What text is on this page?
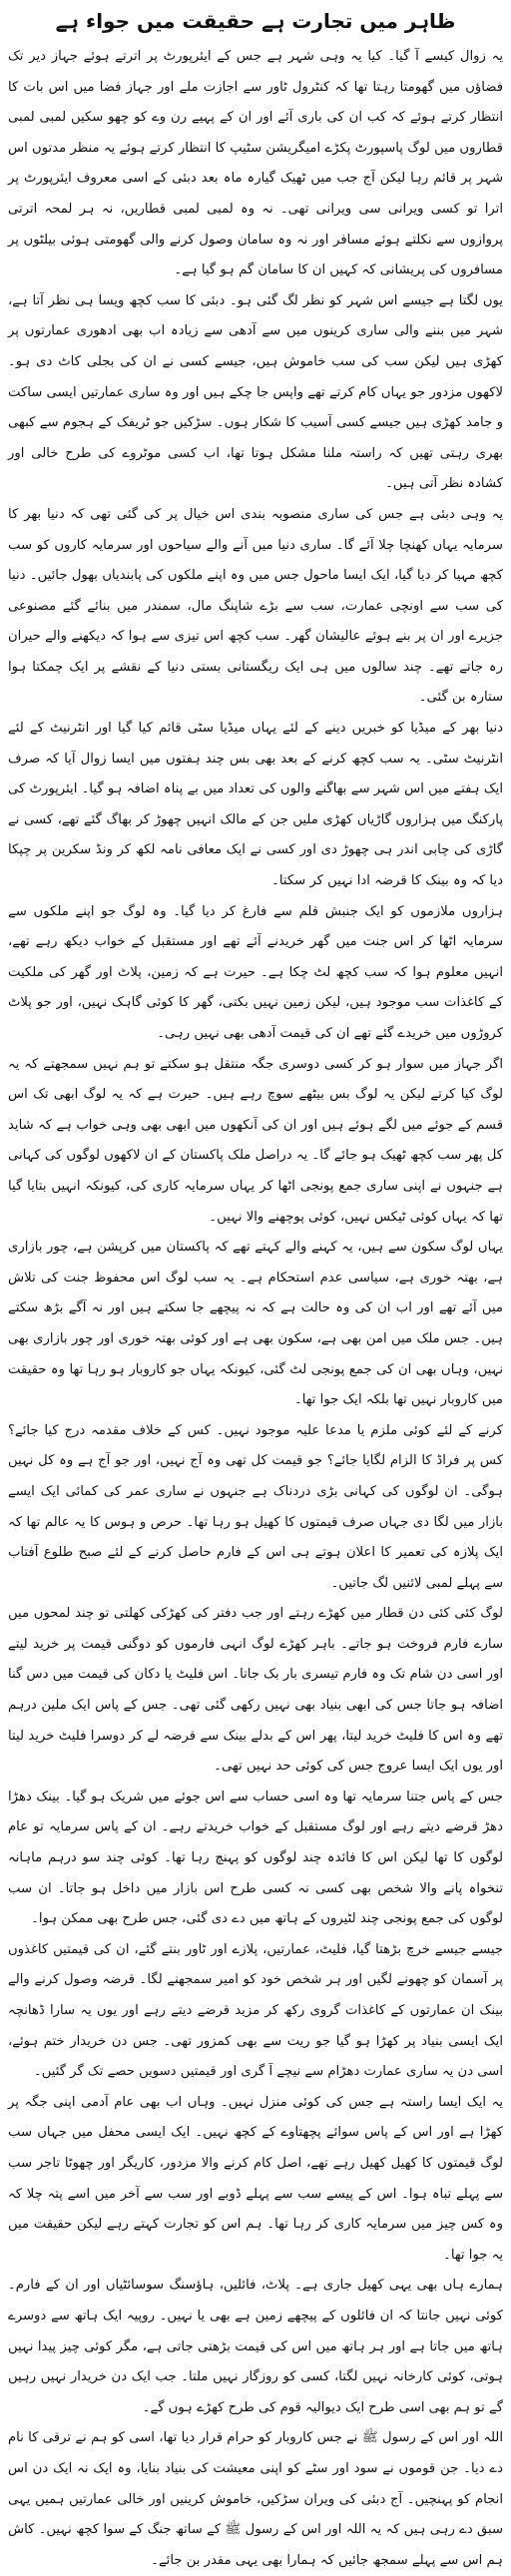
ظاہر میں تجارت ہے حقیقت میں جواء ہے

یہ زوال کیسے آ گیا۔ کیا یہ وہی شہر ہے جس کے ایئرپورٹ پر اترتے ہوئے جہاز دیر تک فضاؤں میں گھومتا رہتا تھا کہ کنٹرول ٹاور سے اجازت ملے اور جہاز فضا میں اس بات کا انتظار کرتے ہوئے کہ کب ان کی باری آئے اور ان کے پہیے رن وے کو چھو سکیں لمبی لمبی قطاروں میں لوگ پاسپورٹ پکڑے امیگریشن سٹیپ کا انتظار کرتے ہوئے یہ منظر مدتوں اس شہر پر قائم رہا لیکن آج جب میں ٹھیک گیارہ ماہ بعد دبئی کے اسی معروف ایئرپورٹ پر اترا تو کسی ویرانی سی ویرانی تھی۔ نہ وہ لمبی لمبی قطاریں، نہ ہر لمحہ اترتی پروازوں سے نکلتے ہوئے مسافر اور نہ وہ سامان وصول کرنے والی گھومتی ہوئی بیلٹوں پر مسافروں کی پریشانی کہ کہیں ان کا سامان گم ہو گیا ہے۔

یوں لگتا ہے جیسے اس شہر کو نظر لگ گئی ہو۔ دبئی کا سب کچھ ویسا ہی نظر آتا ہے، شہر میں بننے والی ساری کرینوں میں سے آدھی سے زیادہ اب بھی ادھوری عمارتوں پر کھڑی ہیں لیکن سب کی سب خاموش ہیں، جیسے کسی نے ان کی بجلی کاٹ دی ہو۔ لاکھوں مزدور جو یہاں کام کرتے تھے واپس جا چکے ہیں اور وہ ساری عمارتیں ایسی ساکت و جامد کھڑی ہیں جیسے کسی آسیب کا شکار ہوں۔ سڑکیں جو ٹریفک کے ہجوم سے کبھی بھری رہتی تھیں کہ راستہ ملنا مشکل ہوتا تھا، اب کسی موٹروے کی طرح خالی اور کشادہ نظر آتی ہیں۔

یہ وہی دبئی ہے جس کی ساری منصوبہ بندی اس خیال پر کی گئی تھی کہ دنیا بھر کا سرمایہ یہاں کھنچا چلا آئے گا۔ ساری دنیا میں آنے والے سیاحوں اور سرمایہ کاروں کو سب کچھ مہیا کر دیا گیا، ایک ایسا ماحول جس میں وہ اپنے ملکوں کی پابندیاں بھول جائیں۔ دنیا کی سب سے اونچی عمارت، سب سے بڑے شاپنگ مال، سمندر میں بنائے گئے مصنوعی جزیرے اور ان پر بنے ہوئے عالیشان گھر۔ سب کچھ اس تیزی سے ہوا کہ دیکھنے والے حیران رہ جاتے تھے۔ چند سالوں میں ہی ایک ریگستانی بستی دنیا کے نقشے پر ایک چمکتا ہوا ستارہ بن گئی۔

دنیا بھر کے میڈیا کو خبریں دینے کے لئے یہاں میڈیا سٹی قائم کیا گیا اور انٹرنیٹ کے لئے انٹرنیٹ سٹی۔ یہ سب کچھ کرنے کے بعد بھی بس چند ہفتوں میں ایسا زوال آیا کہ صرف ایک ہفتے میں اس شہر سے بھاگنے والوں کی تعداد میں بے پناہ اضافہ ہو گیا۔ ایئرپورٹ کی پارکنگ میں ہزاروں گاڑیاں کھڑی ملیں جن کے مالک انہیں چھوڑ کر بھاگ گئے تھے، کسی نے گاڑی کی چابی اندر ہی چھوڑ دی اور کسی نے ایک معافی نامہ لکھ کر ونڈ سکرین پر چپکا دیا کہ وہ بینک کا قرضہ ادا نہیں کر سکتا۔

ہزاروں ملازموں کو ایک جنبش قلم سے فارغ کر دیا گیا۔ وہ لوگ جو اپنے ملکوں سے سرمایہ اٹھا کر اس جنت میں گھر خریدنے آئے تھے اور مستقبل کے خواب دیکھ رہے تھے، انہیں معلوم ہوا کہ سب کچھ لٹ چکا ہے۔ حیرت ہے کہ زمین، پلاٹ اور گھر کی ملکیت کے کاغذات سب موجود ہیں، لیکن زمین نہیں بکتی، گھر کا کوئی گاہک نہیں، اور جو پلاٹ کروڑوں میں خریدے گئے تھے ان کی قیمت آدھی بھی نہیں رہی۔

اگر جہاز میں سوار ہو کر کسی دوسری جگہ منتقل ہو سکتے تو ہم نہیں سمجھتے کہ یہ لوگ کیا کرتے لیکن یہ لوگ بس بیٹھے سوچ رہے ہیں۔ حیرت ہے کہ یہ لوگ ابھی تک اس قسم کے جوئے میں لگے ہوئے ہیں اور ان کی آنکھوں میں ابھی بھی وہی خواب ہے کہ شاید کل پھر سب کچھ ٹھیک ہو جائے گا۔ یہ دراصل ملک پاکستان کے ان لاکھوں لوگوں کی کہانی ہے جنہوں نے اپنی ساری جمع پونجی اٹھا کر یہاں سرمایہ کاری کی، کیونکہ انہیں بتایا گیا تھا کہ یہاں کوئی ٹیکس نہیں، کوئی پوچھنے والا نہیں۔

یہاں لوگ سکون سے ہیں، یہ کہنے والے کہتے تھے کہ پاکستان میں کرپشن ہے، چور بازاری ہے، بھتہ خوری ہے، سیاسی عدم استحکام ہے۔ یہ سب لوگ اس محفوظ جنت کی تلاش میں آئے تھے اور اب ان کی وہ حالت ہے کہ نہ پیچھے جا سکتے ہیں اور نہ آگے بڑھ سکتے ہیں۔ جس ملک میں امن بھی ہے، سکون بھی ہے اور کوئی بھتہ خوری اور چور بازاری بھی نہیں، وہاں بھی ان کی جمع پونجی لٹ گئی، کیونکہ یہاں جو کاروبار ہو رہا تھا وہ حقیقت میں کاروبار نہیں تھا بلکہ ایک جوا تھا۔

کرنے کے لئے کوئی ملزم یا مدعا علیہ موجود نہیں۔ کس کے خلاف مقدمہ درج کیا جائے؟ کس پر فراڈ کا الزام لگایا جائے؟ جو قیمت کل تھی وہ آج نہیں، اور جو آج ہے وہ کل نہیں ہوگی۔ ان لوگوں کی کہانی بڑی دردناک ہے جنہوں نے ساری عمر کی کمائی ایک ایسے بازار میں لگا دی جہاں صرف قیمتوں کا کھیل ہو رہا تھا۔ حرص و ہوس کا یہ عالم تھا کہ ایک پلازہ کی تعمیر کا اعلان ہوتے ہی اس کے فارم حاصل کرنے کے لئے صبح طلوع آفتاب سے پہلے لمبی لائنیں لگ جاتیں۔

لوگ کئی کئی دن قطار میں کھڑے رہتے اور جب دفتر کی کھڑکی کھلتی تو چند لمحوں میں سارے فارم فروخت ہو جاتے۔ باہر کھڑے لوگ انہی فارموں کو دوگنی قیمت پر خرید لیتے اور اسی دن شام تک وہ فارم تیسری بار بک جاتا۔ اس فلیٹ یا دکان کی قیمت میں دس گنا اضافہ ہو جاتا جس کی ابھی بنیاد بھی نہیں رکھی گئی تھی۔ جس کے پاس ایک ملین درہم تھے وہ اس کا فلیٹ خرید لیتا، پھر اس کے بدلے بینک سے قرضہ لے کر دوسرا فلیٹ خرید لیتا اور یوں ایک ایسا عروج جس کی کوئی حد نہیں تھی۔

جس کے پاس جتنا سرمایہ تھا وہ اسی حساب سے اس جوئے میں شریک ہو گیا۔ بینک دھڑا دھڑ قرضے دیتے رہے اور لوگ مستقبل کے خواب خریدتے رہے۔ ان کے پاس سرمایہ تو عام لوگوں کا تھا لیکن اس کا فائدہ چند لوگوں کو پہنچ رہا تھا۔ کوئی چند سو درہم ماہانہ تنخواہ پانے والا شخص بھی کسی نہ کسی طرح اس بازار میں داخل ہو جاتا۔ ان سب لوگوں کی جمع پونجی چند لٹیروں کے ہاتھ میں دے دی گئی، جس طرح بھی ممکن ہوا۔

جیسے جیسے خرچ بڑھتا گیا، فلیٹ، عمارتیں، پلازے اور ٹاور بنتے گئے، ان کی قیمتیں کاغذوں پر آسمان کو چھونے لگیں اور ہر شخص خود کو امیر سمجھنے لگا۔ قرضہ وصول کرنے والے بینک ان عمارتوں کے کاغذات گروی رکھ کر مزید قرضے دیتے رہے اور یوں یہ سارا ڈھانچہ ایک ایسی بنیاد پر کھڑا ہو گیا جو ریت سے بھی کمزور تھی۔ جس دن خریدار ختم ہوئے، اسی دن یہ ساری عمارت دھڑام سے نیچے آ گری اور قیمتیں دسویں حصے تک گر گئیں۔

یہ ایک ایسا راستہ ہے جس کی کوئی منزل نہیں۔ وہاں اب بھی عام آدمی اپنی جگہ پر کھڑا ہے اور اس کے پاس سوائے پچھتاوے کے کچھ نہیں۔ ایک ایسی محفل میں جہاں سب لوگ قیمتوں کا کھیل کھیل رہے تھے، اصل کام کرنے والا مزدور، کاریگر اور چھوٹا تاجر سب سے پہلے تباہ ہوا۔ اس کے پیسے سب سے پہلے ڈوبے اور سب سے آخر میں اسے پتہ چلا کہ وہ کس چیز میں سرمایہ کاری کر رہا تھا۔ ہم اس کو تجارت کہتے رہے لیکن حقیقت میں یہ جوا تھا۔

ہمارے ہاں بھی یہی کھیل جاری ہے۔ پلاٹ، فائلیں، ہاؤسنگ سوسائٹیاں اور ان کے فارم۔ کوئی نہیں جانتا کہ ان فائلوں کے پیچھے زمین ہے بھی یا نہیں۔ روپیہ ایک ہاتھ سے دوسرے ہاتھ میں جاتا ہے اور ہر ہاتھ میں اس کی قیمت بڑھتی جاتی ہے، مگر کوئی چیز پیدا نہیں ہوتی، کوئی کارخانہ نہیں لگتا، کسی کو روزگار نہیں ملتا۔ جب ایک دن خریدار نہیں رہیں گے تو ہم بھی اسی طرح ایک دیوالیہ قوم کی طرح کھڑے ہوں گے۔

اللہ اور اس کے رسول ﷺ نے جس کاروبار کو حرام قرار دیا تھا، اسی کو ہم نے ترقی کا نام دے دیا۔ جن قوموں نے سود اور سٹے کو اپنی معیشت کی بنیاد بنایا، وہ ایک نہ ایک دن اس انجام کو پہنچیں۔ آج دبئی کی ویران سڑکیں، خاموش کرینیں اور خالی عمارتیں ہمیں یہی سبق دے رہی ہیں کہ یہ اللہ اور اس کے رسول ﷺ کے ساتھ جنگ کے سوا کچھ نہیں۔ کاش ہم اس سے پہلے سمجھ جائیں کہ ہمارا بھی یہی مقدر بن جائے۔
